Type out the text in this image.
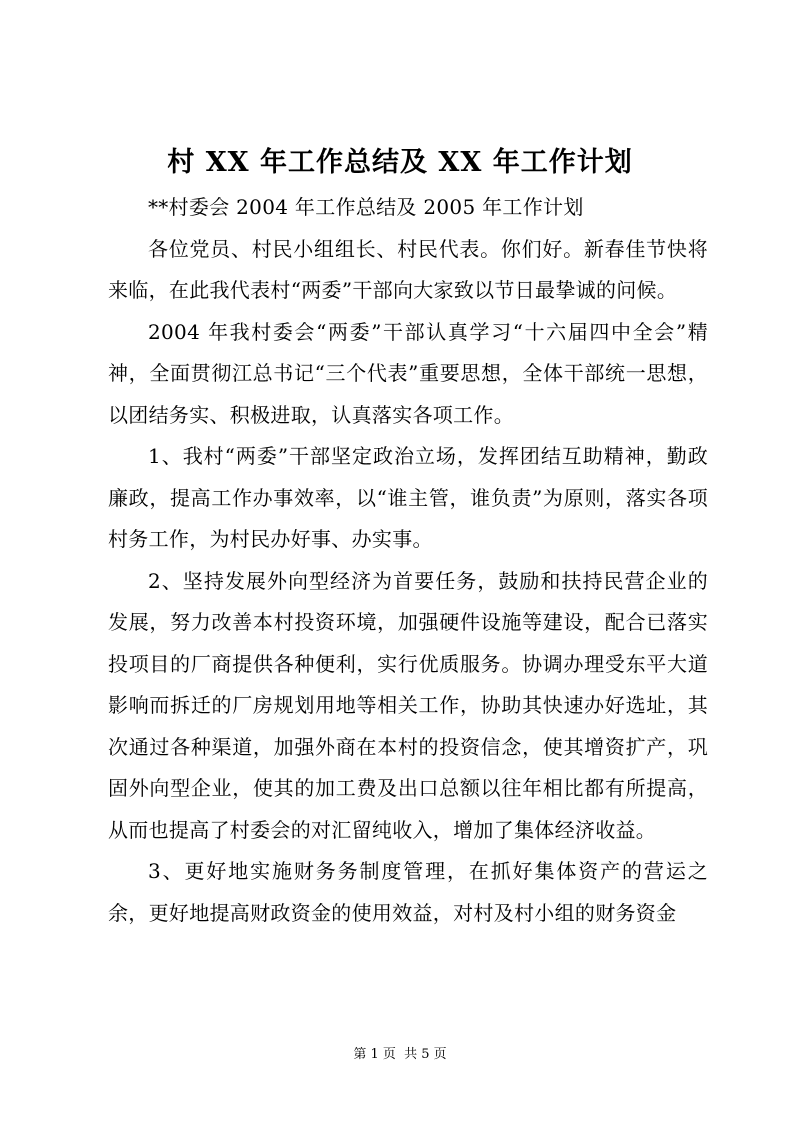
村 XX 年工作总结及 XX 年工作计划

**村委会 2004 年工作总结及 2005 年工作计划

各位党员、村民小组组长、村民代表。你们好。新春佳节快将来临，在此我代表村“两委”干部向大家致以节日最挚诚的问候。

2004 年我村委会“两委”干部认真学习“十六届四中全会”精神，全面贯彻江总书记“三个代表”重要思想，全体干部统一思想，以团结务实、积极进取，认真落实各项工作。

1、我村“两委”干部坚定政治立场，发挥团结互助精神，勤政廉政，提高工作办事效率，以“谁主管，谁负责”为原则，落实各项村务工作，为村民办好事、办实事。

2、坚持发展外向型经济为首要任务，鼓励和扶持民营企业的发展，努力改善本村投资环境，加强硬件设施等建设，配合已落实投项目的厂商提供各种便利，实行优质服务。协调办理受东平大道影响而拆迁的厂房规划用地等相关工作，协助其快速办好选址，其次通过各种渠道，加强外商在本村的投资信念，使其增资扩产，巩固外向型企业，使其的加工费及出口总额以往年相比都有所提高，从而也提高了村委会的对汇留纯收入，增加了集体经济收益。

3、更好地实施财务务制度管理，在抓好集体资产的营运之余，更好地提高财政资金的使用效益，对村及村小组的财务资金

第 1 页 共 5 页
